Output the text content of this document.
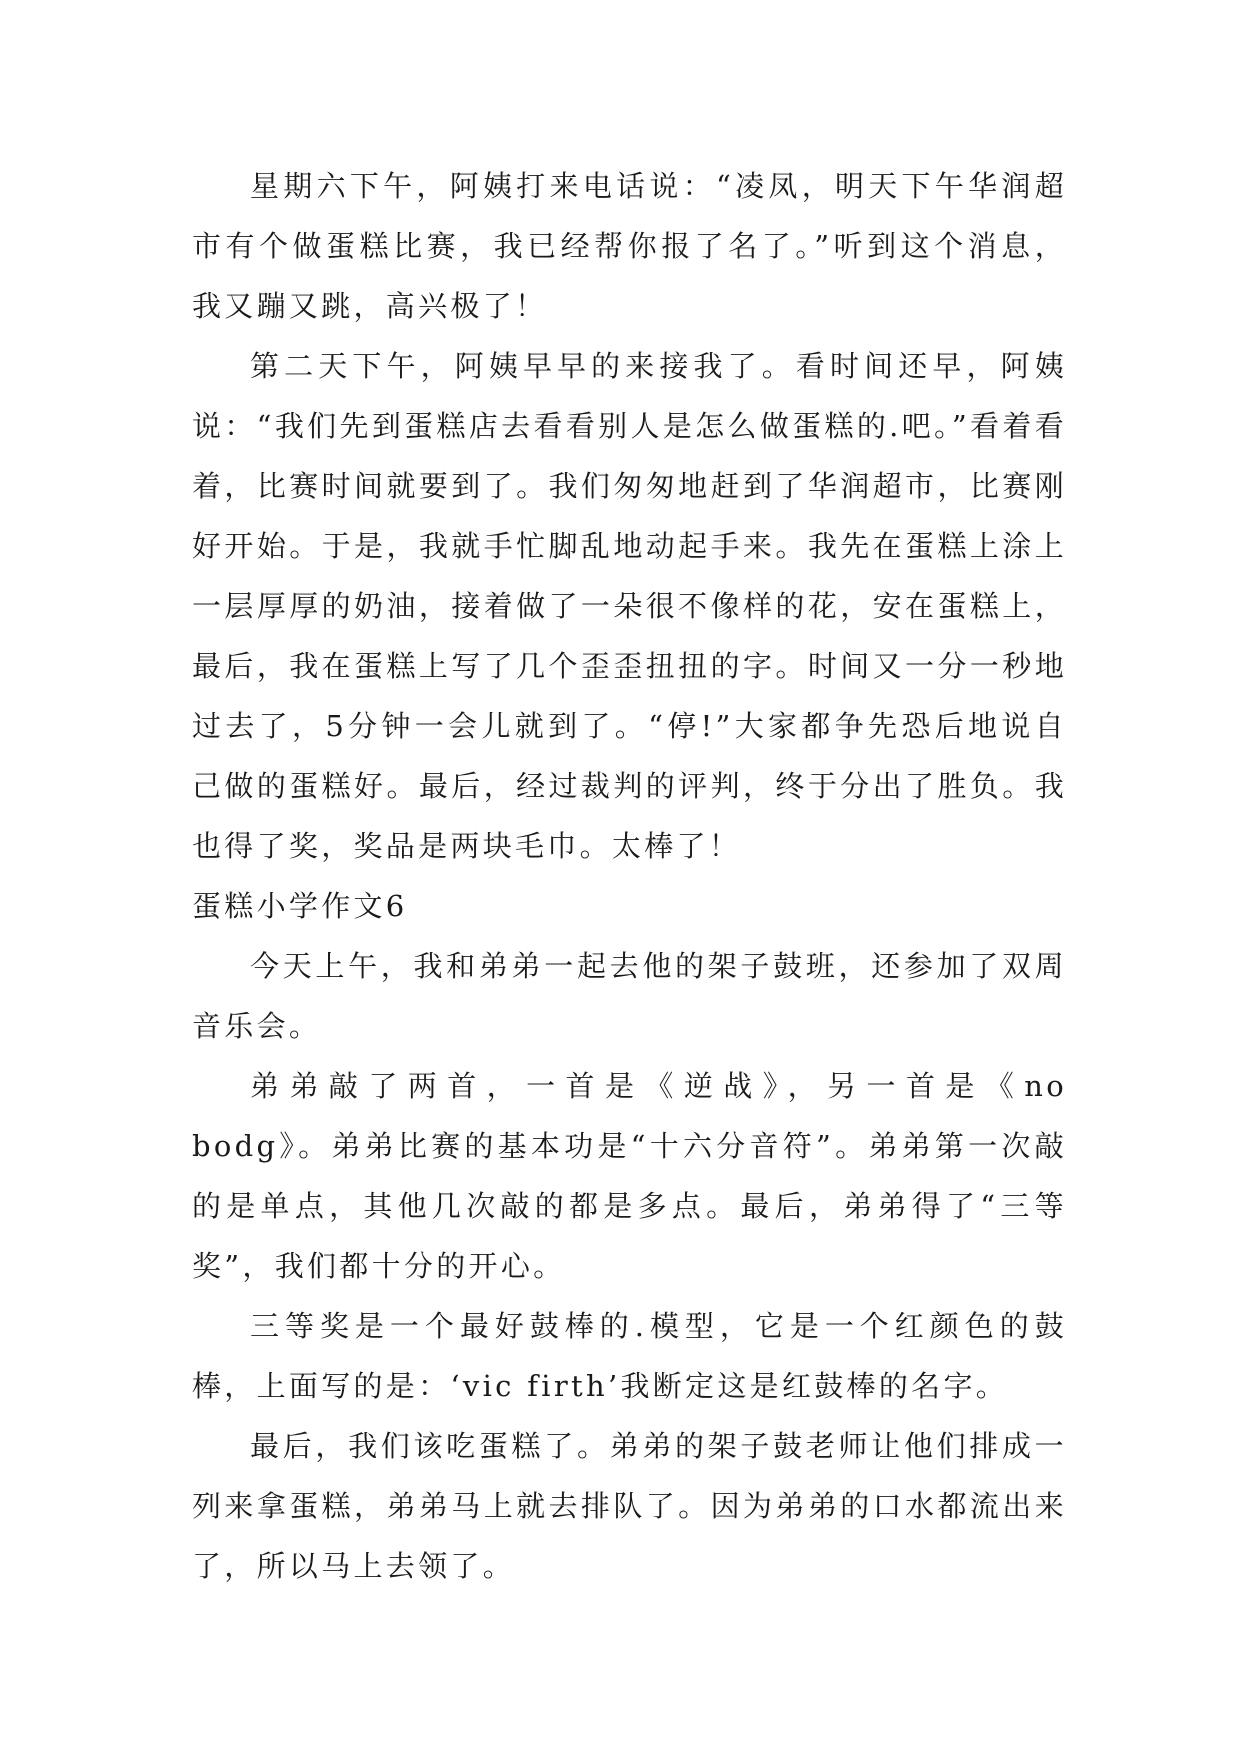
星期六下午，阿姨打来电话说：“凌凤，明天下午华润超市有个做蛋糕比赛，我已经帮你报了名了。”听到这个消息，我又蹦又跳，高兴极了！

第二天下午，阿姨早早的来接我了。看时间还早，阿姨说：“我们先到蛋糕店去看看别人是怎么做蛋糕的.吧。”看着看着，比赛时间就要到了。我们匆匆地赶到了华润超市，比赛刚好开始。于是，我就手忙脚乱地动起手来。我先在蛋糕上涂上一层厚厚的奶油，接着做了一朵很不像样的花，安在蛋糕上，最后，我在蛋糕上写了几个歪歪扭扭的字。时间又一分一秒地过去了，5分钟一会儿就到了。“停!”大家都争先恐后地说自己做的蛋糕好。最后，经过裁判的评判，终于分出了胜负。我也得了奖，奖品是两块毛巾。太棒了！

蛋糕小学作文6

今天上午，我和弟弟一起去他的架子鼓班，还参加了双周音乐会。

弟弟敲了两首，一首是《逆战》，另一首是《no bodg》。弟弟比赛的基本功是“十六分音符”。弟弟第一次敲的是单点，其他几次敲的都是多点。最后，弟弟得了“三等奖”，我们都十分的开心。

三等奖是一个最好鼓棒的.模型，它是一个红颜色的鼓棒，上面写的是：‘vic firth’我断定这是红鼓棒的名字。

最后，我们该吃蛋糕了。弟弟的架子鼓老师让他们排成一列来拿蛋糕，弟弟马上就去排队了。因为弟弟的口水都流出来了，所以马上去领了。
